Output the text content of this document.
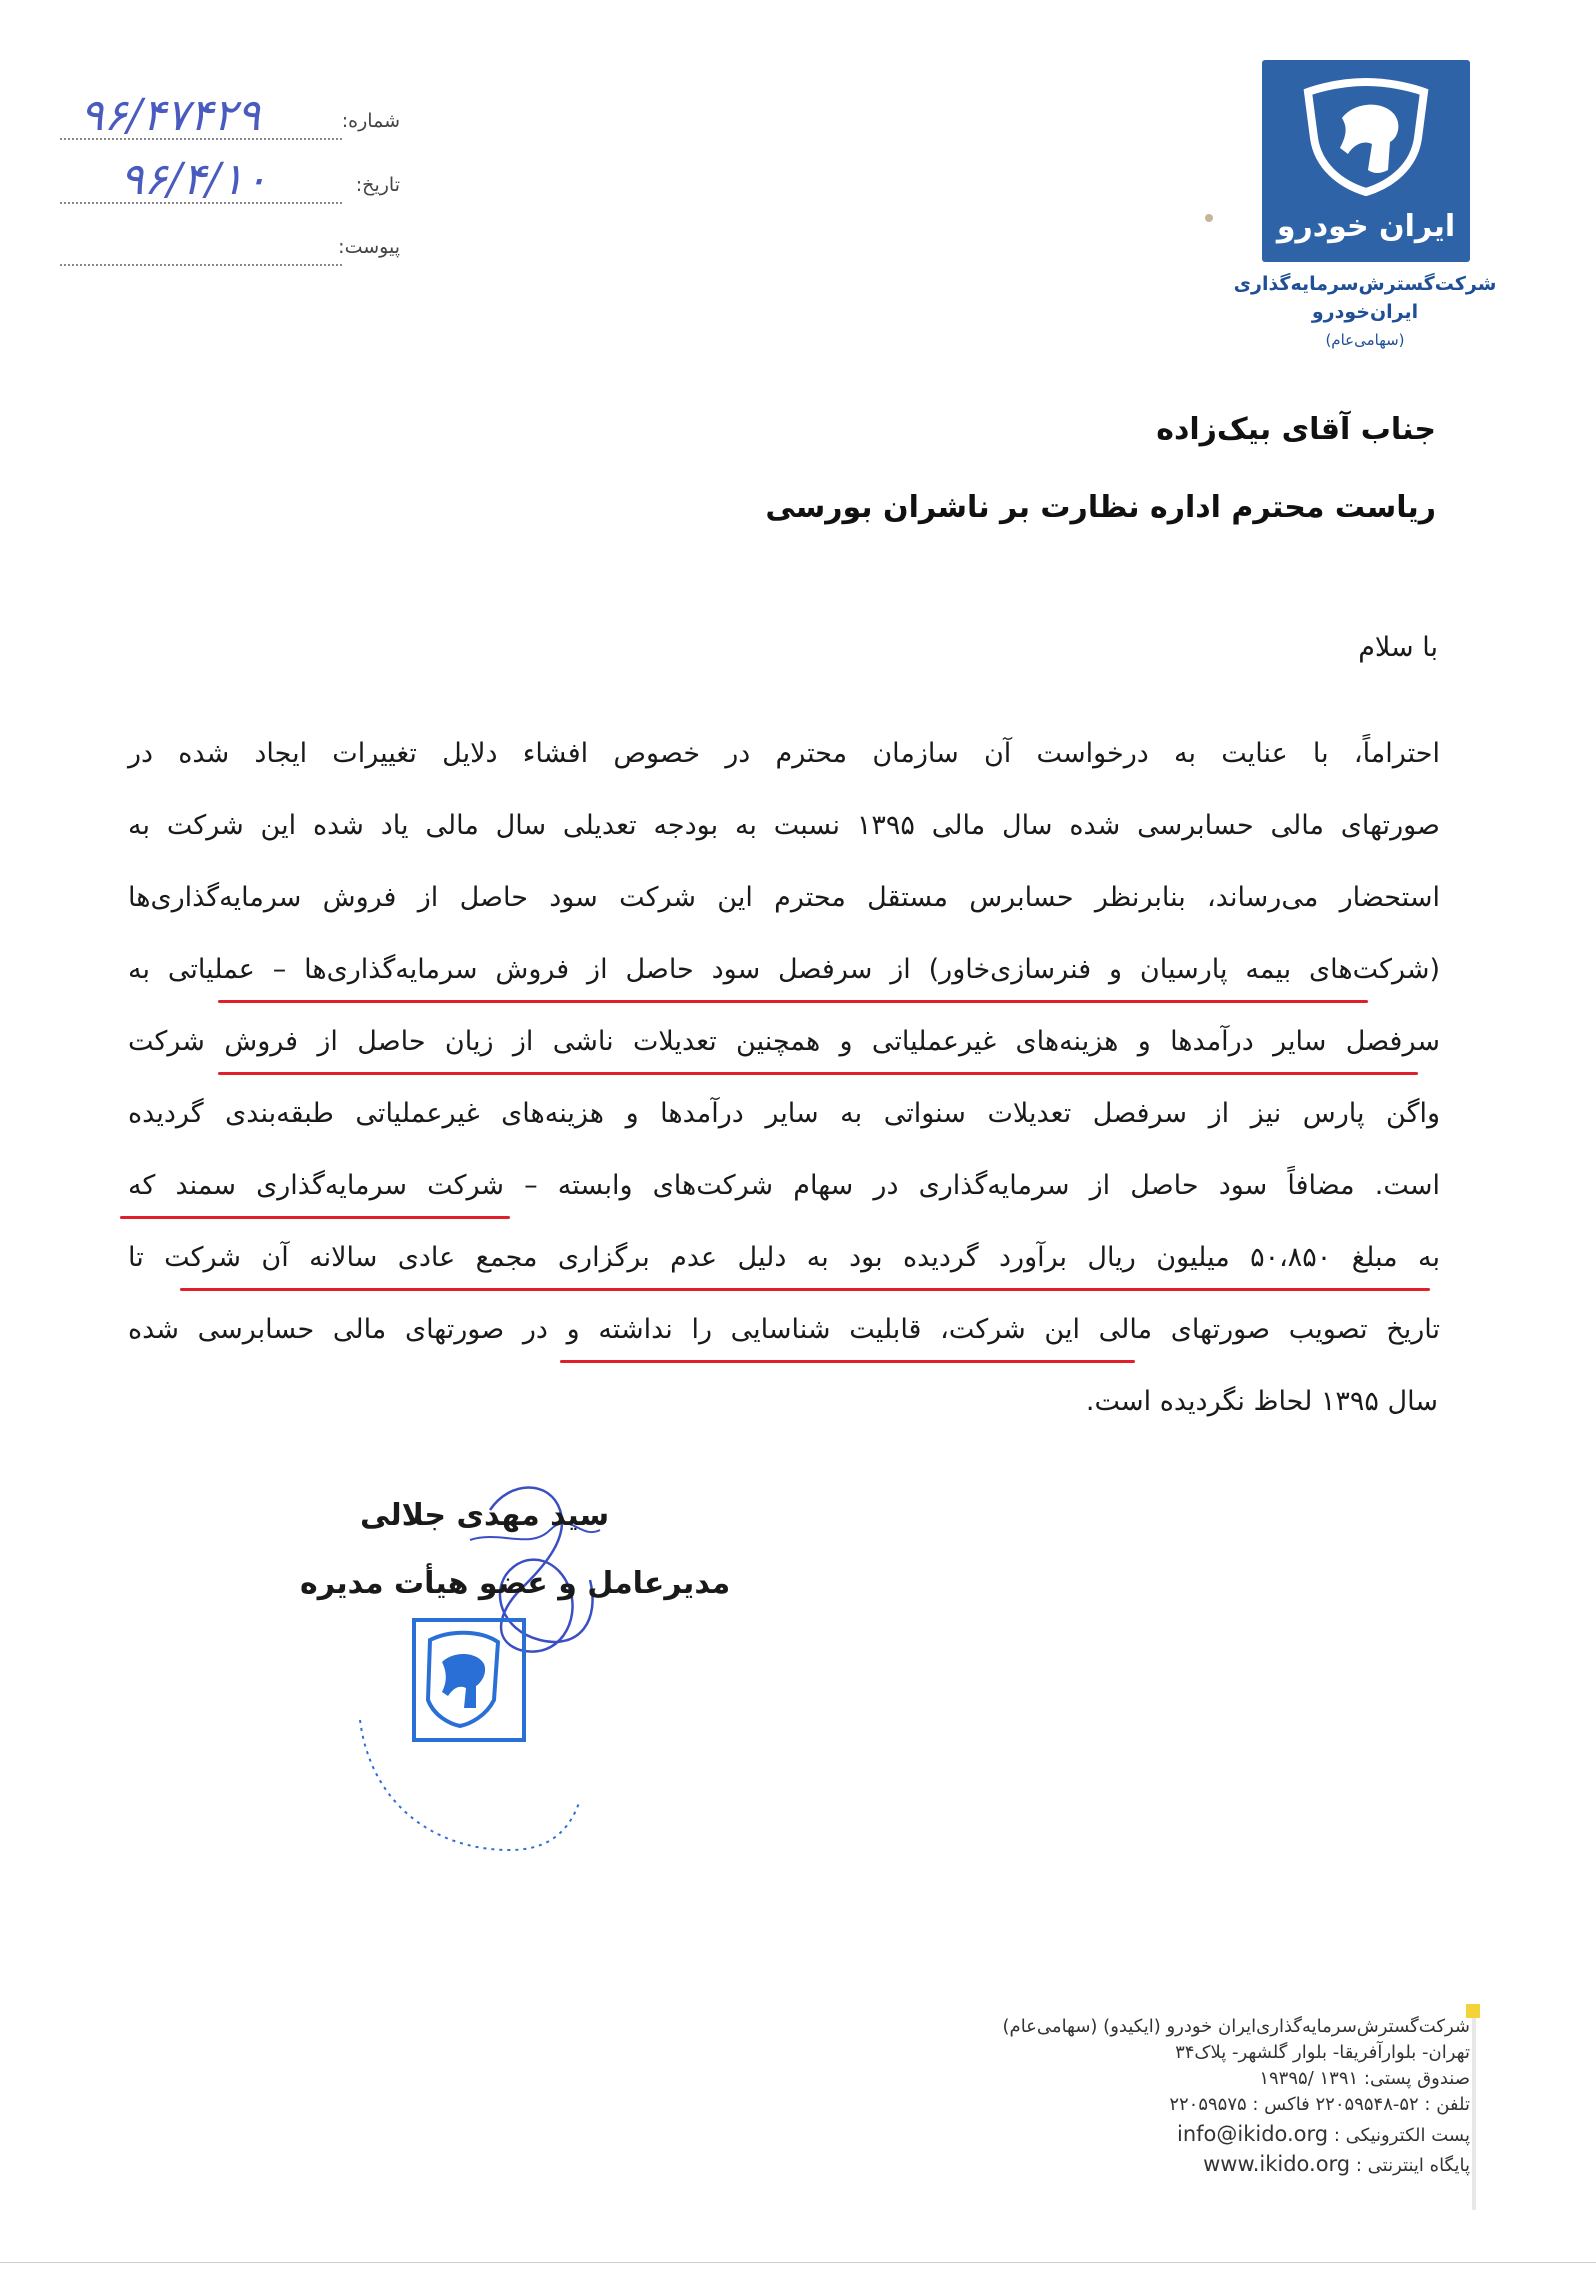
۹۶/۴۷۴۲۹	شماره:
۹۶/۴/۱۰	تاریخ:
پیوست:
ایران خودرو
شرکت‌گسترش‌سرمایه‌گذاری
ایران‌خودرو
(سهامی‌عام)
جناب آقای بیک‌زاده
ریاست محترم اداره نظارت بر ناشران بورسی
با سلام
احتراماً، با عنایت به درخواست آن سازمان محترم در خصوص افشاء دلایل تغییرات ایجاد شده در
صورتهای مالی حسابرسی شده سال مالی ۱۳۹۵ نسبت به بودجه تعدیلی سال مالی یاد شده این شرکت به
استحضار می‌رساند، بنابرنظر حسابرس مستقل محترم این شرکت سود حاصل از فروش سرمایه‌گذاری‌ها
(شرکت‌های بیمه پارسیان و فنرسازی‌خاور) از سرفصل سود حاصل از فروش سرمایه‌گذاری‌ها – عملیاتی به
سرفصل سایر درآمدها و هزینه‌های غیرعملیاتی و همچنین تعدیلات ناشی از زیان حاصل از فروش شرکت
واگن پارس نیز از سرفصل تعدیلات سنواتی به سایر درآمدها و هزینه‌های غیرعملیاتی طبقه‌بندی گردیده
است. مضافاً سود حاصل از سرمایه‌گذاری در سهام شرکت‌های وابسته – شرکت سرمایه‌گذاری سمند که
به مبلغ ۵۰،۸۵۰ میلیون ریال برآورد گردیده بود به دلیل عدم برگزاری مجمع عادی سالانه آن شرکت تا
تاریخ تصویب صورتهای مالی این شرکت، قابلیت شناسایی را نداشته و در صورتهای مالی حسابرسی شده
سال ۱۳۹۵ لحاظ نگردیده است.
سید مهدی جلالی
مدیرعامل و عضو هیأت مدیره
شرکت‌گسترش‌سرمایه‌گذاری‌ایران خودرو (ایکیدو) (سهامی‌عام)
تهران- بلوارآفریقا- بلوار گلشهر- پلاک۳۴
صندوق پستی: ۱۳۹۱ /۱۹۳۹۵
تلفن : ۵۲-۲۲۰۵۹۵۴۸ فاکس : ۲۲۰۵۹۵۷۵
پست الکترونیکی : info@ikido.org
پایگاه اینترنتی : www.ikido.org
